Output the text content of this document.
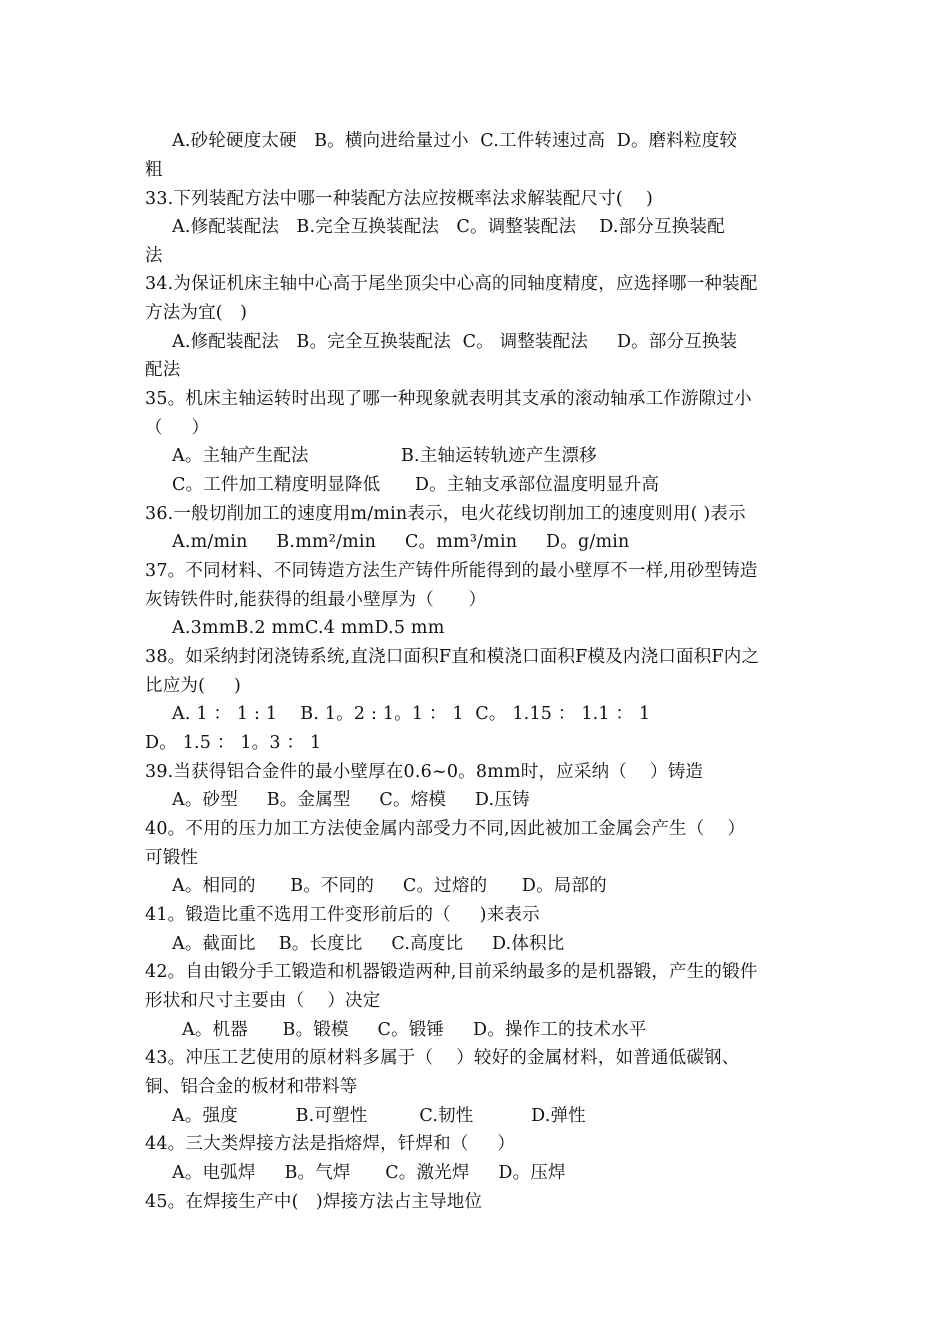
A.砂轮硬度太硬   B。横向进给量过小  C.工件转速过高  D。磨料粒度较
粗
33.下列装配方法中哪一种装配方法应按概率法求解装配尺寸(    )
A.修配装配法   B.完全互换装配法   C。调整装配法    D.部分互换装配
法
34.为保证机床主轴中心高于尾坐顶尖中心高的同轴度精度，应选择哪一种装配
方法为宜(   )
A.修配装配法   B。完全互换装配法  C。 调整装配法     D。部分互换装
配法
35。机床主轴运转时出现了哪一种现象就表明其支承的滚动轴承工作游隙过小
（     ）
A。主轴产生配法                B.主轴运转轨迹产生漂移
C。工件加工精度明显降低      D。主轴支承部位温度明显升高
36.一般切削加工的速度用m/min表示，电火花线切削加工的速度则用( )表示
A.m/min     B.mm²/min     C。mm³/min     D。g/min
37。不同材料、不同铸造方法生产铸件所能得到的最小壁厚不一样,用砂型铸造
灰铸铁件时,能获得的组最小壁厚为（      ）
A.3mmB.2 mmC.4 mmD.5 mm
38。如采纳封闭浇铸系统,直浇口面积F直和模浇口面积F模及内浇口面积F内之
比应为(     )
A. 1 ： 1 : 1    B. 1。2 : 1。1 ： 1  C。 1.15 ： 1.1 ： 1
D。 1.5 ： 1。3 ： 1
39.当获得铝合金件的最小壁厚在0.6~0。8mm时，应采纳（    ）铸造
A。砂型     B。金属型     C。熔模     D.压铸
40。不用的压力加工方法使金属内部受力不同,因此被加工金属会产生（    ）
可锻性
A。相同的      B。不同的     C。过熔的      D。局部的
41。锻造比重不选用工件变形前后的（     )来表示
A。截面比    B。长度比     C.高度比     D.体积比
42。自由锻分手工锻造和机器锻造两种,目前采纳最多的是机器锻，产生的锻件
形状和尺寸主要由（    ）决定
A。机器      B。锻模     C。锻锤     D。操作工的技术水平
43。冲压工艺使用的原材料多属于（    ）较好的金属材料，如普通低碳钢、
铜、铝合金的板材和带料等
A。强度          B.可塑性         C.韧性          D.弹性
44。三大类焊接方法是指熔焊，钎焊和（     ）
A。电弧焊     B。气焊      C。激光焊     D。压焊
45。在焊接生产中(   )焊接方法占主导地位
